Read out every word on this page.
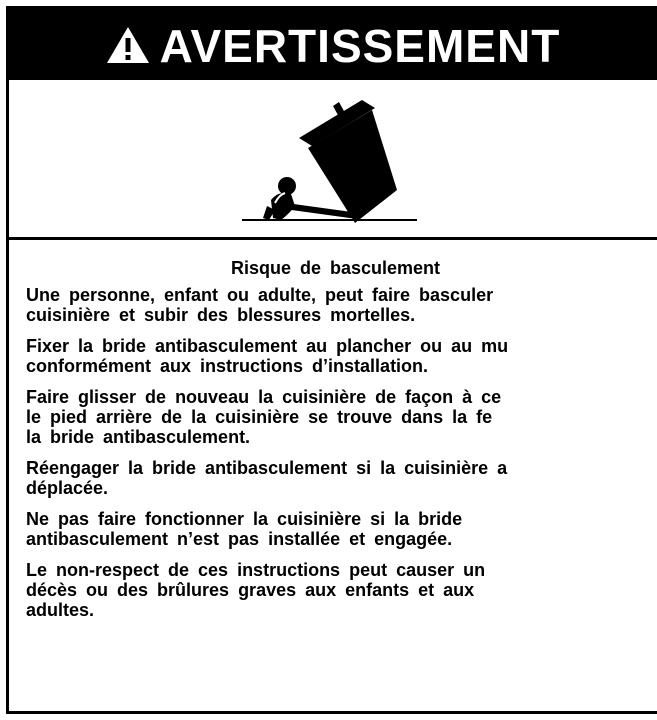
AVERTISSEMENT
Risque de basculement
Une personne, enfant ou adulte, peut faire basculer
cuisinière et subir des blessures mortelles.
Fixer la bride antibasculement au plancher ou au mu
conformément aux instructions d’installation.
Faire glisser de nouveau la cuisinière de façon à ce
le pied arrière de la cuisinière se trouve dans la fe
la bride antibasculement.
Réengager la bride antibasculement si la cuisinière a
déplacée.
Ne pas faire fonctionner la cuisinière si la bride
antibasculement n’est pas installée et engagée.
Le non-respect de ces instructions peut causer un
décès ou des brûlures graves aux enfants et aux
adultes.
